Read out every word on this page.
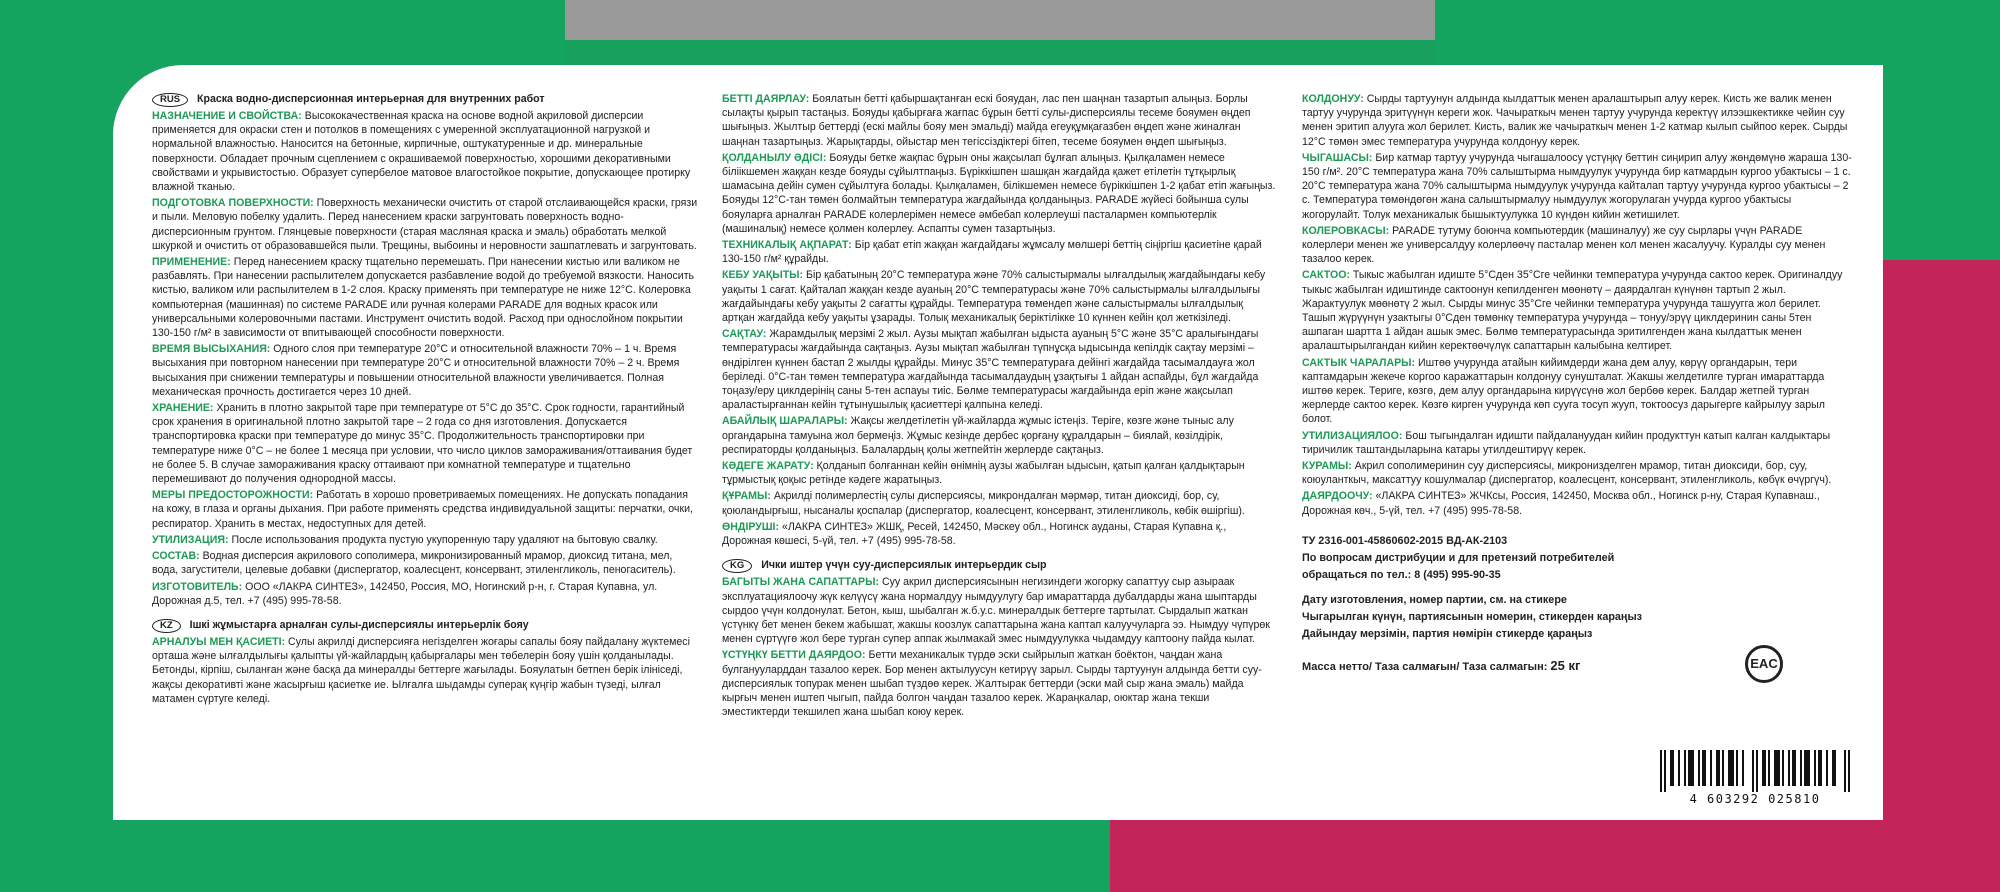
RUS Краска водно-дисперсионная интерьерная для внутренних работ

НАЗНАЧЕНИЕ И СВОЙСТВА: Высококачественная краска на основе водной акриловой дисперсии применяется для окраски стен и потолков в помещениях с умеренной эксплуатационной нагрузкой и нормальной влажностью. Наносится на бетонные, кирпичные, оштукатуренные и др. минеральные поверхности. Обладает прочным сцеплением с окрашиваемой поверхностью, хорошими декоративными свойствами и укрывистостью. Образует супербелое матовое влагостойкое покрытие, допускающее протирку влажной тканью.

ПОДГОТОВКА ПОВЕРХНОСТИ: Поверхность механически очистить от старой отслаивающейся краски, грязи и пыли. Меловую побелку удалить. Перед нанесением краски загрунтовать поверхность водно-дисперсионным грунтом. Глянцевые поверхности (старая масляная краска и эмаль) обработать мелкой шкуркой и очистить от образовавшейся пыли. Трещины, выбоины и неровности зашпатлевать и загрунтовать.

ПРИМЕНЕНИЕ: Перед нанесением краску тщательно перемешать. При нанесении кистью или валиком не разбавлять. При нанесении распылителем допускается разбавление водой до требуемой вязкости. Наносить кистью, валиком или распылителем в 1-2 слоя. Краску применять при температуре не ниже 12°C. Колеровка компьютерная (машинная) по системе PARADE или ручная колерами PARADE для водных красок или универсальными колеровочными пастами. Инструмент очистить водой. Расход при однослойном покрытии 130-150 г/м² в зависимости от впитывающей способности поверхности.

ВРЕМЯ ВЫСЫХАНИЯ: Одного слоя при температуре 20°C и относительной влажности 70% – 1 ч. Время высыхания при повторном нанесении при температуре 20°C и относительной влажности 70% – 2 ч. Время высыхания при снижении температуры и повышении относительной влажности увеличивается. Полная механическая прочность достигается через 10 дней.

ХРАНЕНИЕ: Хранить в плотно закрытой таре при температуре от 5°C до 35°C. Срок годности, гарантийный срок хранения в оригинальной плотно закрытой таре – 2 года со дня изготовления. Допускается транспортировка краски при температуре до минус 35°C. Продолжительность транспортировки при температуре ниже 0°C – не более 1 месяца при условии, что число циклов замораживания/оттаивания будет не более 5. В случае замораживания краску оттаивают при комнатной температуре и тщательно перемешивают до получения однородной массы.

МЕРЫ ПРЕДОСТОРОЖНОСТИ: Работать в хорошо проветриваемых помещениях. Не допускать попадания на кожу, в глаза и органы дыхания. При работе применять средства индивидуальной защиты: перчатки, очки, респиратор. Хранить в местах, недоступных для детей.

УТИЛИЗАЦИЯ: После использования продукта пустую укупоренную тару удаляют на бытовую свалку.

СОСТАВ: Водная дисперсия акрилового сополимера, микронизированный мрамор, диоксид титана, мел, вода, загустители, целевые добавки (диспергатор, коалесцент, консервант, этиленгликоль, пеногаситель).

ИЗГОТОВИТЕЛЬ: ООО «ЛАКРА СИНТЕЗ», 142450, Россия, МО, Ногинский р-н, г. Старая Купавна, ул. Дорожная д.5, тел. +7 (495) 995-78-58.

KZ Ішкі жұмыстарға арналған сулы-дисперсиялы интерьерлік бояу

АРНАЛУЫ МЕН ҚАСИЕТІ: Сулы акрилді дисперсияға негізделген жоғары сапалы бояу пайдалану жүктемесі орташа және ылғалдылығы қалыпты үй-жайлардың қабырғалары мен төбелерін бояу үшін қолданылады. Бетонды, кірпіш, сыланған және басқа да минералды беттерге жағылады. Бояулатын бетпен берік ілініседі, жақсы декоративті және жасырғыш қасиетке ие. Ылғалға шыдамды суперақ күңгір жабын түзеді, ылғал матамен сүртуге келеді.

БЕТТІ ДАЯРЛАУ: Боялатын бетті қабыршақтанған ескі бояудан, лас пен шаңнан тазартып алыңыз. Борлы сылақты қырып тастаңыз. Бояуды қабырғаға жағпас бұрын бетті сулы-дисперсиялы тесеме бояумен өңдеп шығыңыз. Жылтыр беттерді (ескі майлы бояу мен эмальді) майда егеуқұмқағазбен өңдеп және жиналған шаңнан тазартыңыз. Жарықтарды, ойыстар мен тегіссіздіктері біте‌п, тесеме бояумен өңдеп шығыңыз.

ҚОЛДАНЫЛУ ӘДІСІ: Бояуды бетке жақпас бұрын оны жақсылап бұлғап алыңыз. Қылқаламен немесе біліікшемен жаққан кезде бояуды сұйылтпаңыз. Бүріккішпен шашқан жағдайда қажет етілетін тұтқырлық шамасына дейін сумен сұйылтуға болады. Қылқаламен, білікшемен немесе бүріккішпен 1-2 қабат етіп жағыңыз. Бояуды 12°С-тан төмен болмайтын температура жағдайында қолданыңыз. PARADE жүйесі бойынша сулы бояуларға арналған PARADE колерлерімен немесе әмбебап колерлеуші пасталармен компьютерлік (машиналық) немесе қолмен колерлеу. Аспапты сумен тазартыңыз.

ТЕХНИКАЛЫҚ АҚПАРАТ: Бір қабат етіп жаққан жағдайдағы жұмсалу мөлшері беттің сіңіргіш қасиетіне қарай 130-150 г/м² құрайды.

КЕБУ УАҚЫТЫ: Бір қабатының 20°С температура және 70% салыстырмалы ылғалдылық жағдайындағы кебу уақыты 1 сағат. Қайталап жаққан кезде ауаның 20°С температурасы және 70% салыстырмалы ылғалдылығы жағдайындағы кебу уақыты 2 сағатты құрайды. Температура төмендеп және салыстырмалы ылғалдылық артқан жағдайда кебу уақыты ұзарады. Толық механикалық беріктілікке 10 күннен кейін қол жеткізіледі.

САҚТАУ: Жарамдылық мерзімі 2 жыл. Аузы мықтап жабылған ыдыста ауаның 5°С және 35°С аралығындағы температурасы жағдайында сақтаңыз. Аузы мықтап жабылған түпнұсқа ыдысында кепілдік сақтау мерзімі – өндірілген күннен бастап 2 жылды құрайды. Минус 35°С температураға дейінгі жағдайда тасымалдауға жол беріледі. 0°С-тан төмен температура жағдайында тасымалдаудың ұзақтығы 1 айдан аспайды, бұл жағдайда тоңазу/еру циклдерінің саны 5-тен аспауы тиіс. Бөлме температурасы жағдайында еріп және жақсылап араластырғаннан кейін тұтынушылық қасиеттері қалпына келеді.

АБАЙЛЫҚ ШАРАЛАРЫ: Жақсы желдетілетін үй-жайларда жұмыс істеңіз. Теріге, көзге және тыныс алу органдарына тамуына жол бермеңіз. Жұмыс кезінде дербес қорғану құралдарын – биялай, көзілдірік, респираторды қолданыңыз. Балалардың қолы жетпейтін жерлерде сақтаңыз.

КӘДЕГЕ ЖАРАТУ: Қолданып болғаннан кейін өнімнің аузы жабылған ыдысын, қатып қалған қалдықтарын тұрмыстық қоқыс ретінде кәдеге жаратыңыз.

ҚҰРАМЫ: Акрилді полимерлестің сулы дисперсиясы, микрондалған мәрмәр, титан диоксиді, бор, су, қоюландырғыш, нысаналы қоспалар (диспергатор, коалесцент, консервант, этиленгликоль, көбік өшіргіш).

ӨНДІРУШІ: «ЛАКРА СИНТЕЗ» ЖШҚ, Ресей, 142450, Мәскеу обл., Ногинск ауданы, Старая Купавна қ., Дорожная көшесі, 5-үй, тел. +7 (495) 995-78-58.

KG Ички иштер үчүн суу-дисперсиялык интерьердик сыр

БАГЫТЫ ЖАНА САПАТТАРЫ: Суу акрил дисперсиясынын негизиндеги жогорку сапаттуу сыр азыраак эксплуатациялоочу жүк келүүсү жана нормалдуу нымдуулугу бар имараттарда дубалдарды жана шыптарды сырдоо үчүн колдонулат. Бетон, кыш, шыбалган ж.б.у.с. минералдык беттерге тартылат. Сырдалып жаткан үстүнкү бет менен бекем жабышат, жакшы коозлук сапаттарына жана каптап калуучуларга ээ. Нымдуу чүпүрөк менен сүртүүгө жол бере турган супер аппак жылмакай эмес нымдуулукка чыдамдуу каптоону пайда кылат.

ҮСТҮҢКҮ БЕТТИ ДАЯРДОО: Бетти механикалык түрдө эски сыйрылып жаткан боёктон, чаңдан жана булганууларддан тазалоо керек. Бор менен актылуусун кетирүү зарыл. Сырды тартуунун алдында бетти суу-дисперсиялык топурак менен шыбап түздөө керек. Жалтырак беттерди (эски май сыр жана эмаль) майда кырғыч менен иштеп чыгып, пайда болгон чаңдан тазалоо керек. Жараңкалар, оюктар жана текши эместиктерди текшилеп жана шыбап коюу керек.

КОЛДОНУУ: Сырды тартуунун алдында кылдаттык менен аралаштырып алуу керек. Кисть же валик менен тартуу учурунда эритүүнүн кереги жок. Чачыраткыч менен тартуу учурунда керектүү илээшкектикке чейин суу менен эритип алууга жол берилет. Кисть, валик же чачыраткыч менен 1-2 катмар кылып сыйпоо керек. Сырды 12°С төмөн эмес температура учурунда колдонуу керек.

ЧЫГАШАСЫ: Бир катмар тартуу учурунда чыгашалоосу үстүңкү беттин сиңирип алуу жөндөмүнө жараша 130-150 г/м². 20°С температура жана 70% салыштырма нымдуулук учурунда бир катмардын кургоо убактысы – 1 с. 20°С температура жана 70% салыштырма нымдуулук учурунда кайталап тартуу учурунда кургоо убактысы – 2 с. Температура төмөндөгөн жана салыштырмалуу нымдуулук жогорулаган учурда кургоо убактысы жогорулайт. Толук механикалык бышыктуулукка 10 күндөн кийин жетишилет.

КОЛЕРОВКАСЫ: PARADE тутуму боюнча компьютердик (машиналуу) же суу сырлары үчүн PARADE колерлери менен же универсалдуу колерлөөчү пасталар менен кол менен жасалуучу. Куралды суу менен тазалоо керек.

САКТОО: Тыкыс жабылган идиште 5°Сден 35°Сге чейинки температура учурунда сактоо керек. Оригиналдуу тыкыс жабылган идиштинде сактоонун кепилденген мөөнөтү – даярдалган күнүнөн тартып 2 жыл. Жарактуулук мөөнөтү 2 жыл. Сырды минус 35°Сге чейинки температура учурунда ташуугга жол берилет. Ташып жүрүүнүн узактыгы 0°Сден төмөнкү температура учурунда – тонуу/эрүү циклдеринин саны 5тен ашпаган шартта 1 айдан ашык эмес. Бөлмө температурасында эритилгенден жана кылдаттык менен аралаштырылгандан кийин керектөөчүлүк сапаттарын калыбына келтирет.

САКТЫК ЧАРАЛАРЫ: Иштөө учурунда атайын кийимдерди жана дем алуу, көрүү органдарын, тери каптамдарын жекече коргоо каражаттарын колдонуу сунушталат. Жакшы желдетилге турган имараттарда иштөө керек. Териге, көзгө, дем алуу органдарына кирүүсүнө жол бербөө керек. Балдар жетпей турган жерлерде сактоо керек. Көзгө кирген учурунда көп сууга тосуп жууп, токтоосуз дарыгерге кайрылуу зарыл болот.

УТИЛИЗАЦИЯЛОО: Бош тыгындалган идишти пайдалануудан кийин продукттун катып калган калдыктары тиричилик таштандыларына катары утилдештирүү керек.

КУРАМЫ: Акрил сополимеринин суу дисперсиясы, микронизделген мрамор, титан диоксиди, бор, суу, коюуланткыч, максаттуу кошулмалар (диспергатор, коалесцент, консервант, этиленгликоль, көбүк өчүргүч).

ДАЯРДООЧУ: «ЛАКРА СИНТЕЗ» ЖЧКсы, Россия, 142450, Москва обл., Ногинск р-ну, Старая Купавнаш., Дорожная көч., 5-үй, тел. +7 (495) 995-78-58.

ТУ 2316-001-45860602-2015 ВД-АК-2103

По вопросам дистрибуции и для претензий потребителей

обращаться по тел.: 8 (495) 995-90-35

Дату изготовления, номер партии, см. на стикере

Чыгарылган күнүн, партиясынын номерин, стикерден караңыз

Дайындау мерзімін, партия нөмірін стикерде қараңыз

Масса нетто/ Таза салмағын/ Таза салмагын: 25 кг	EAC
4 603292 025810
